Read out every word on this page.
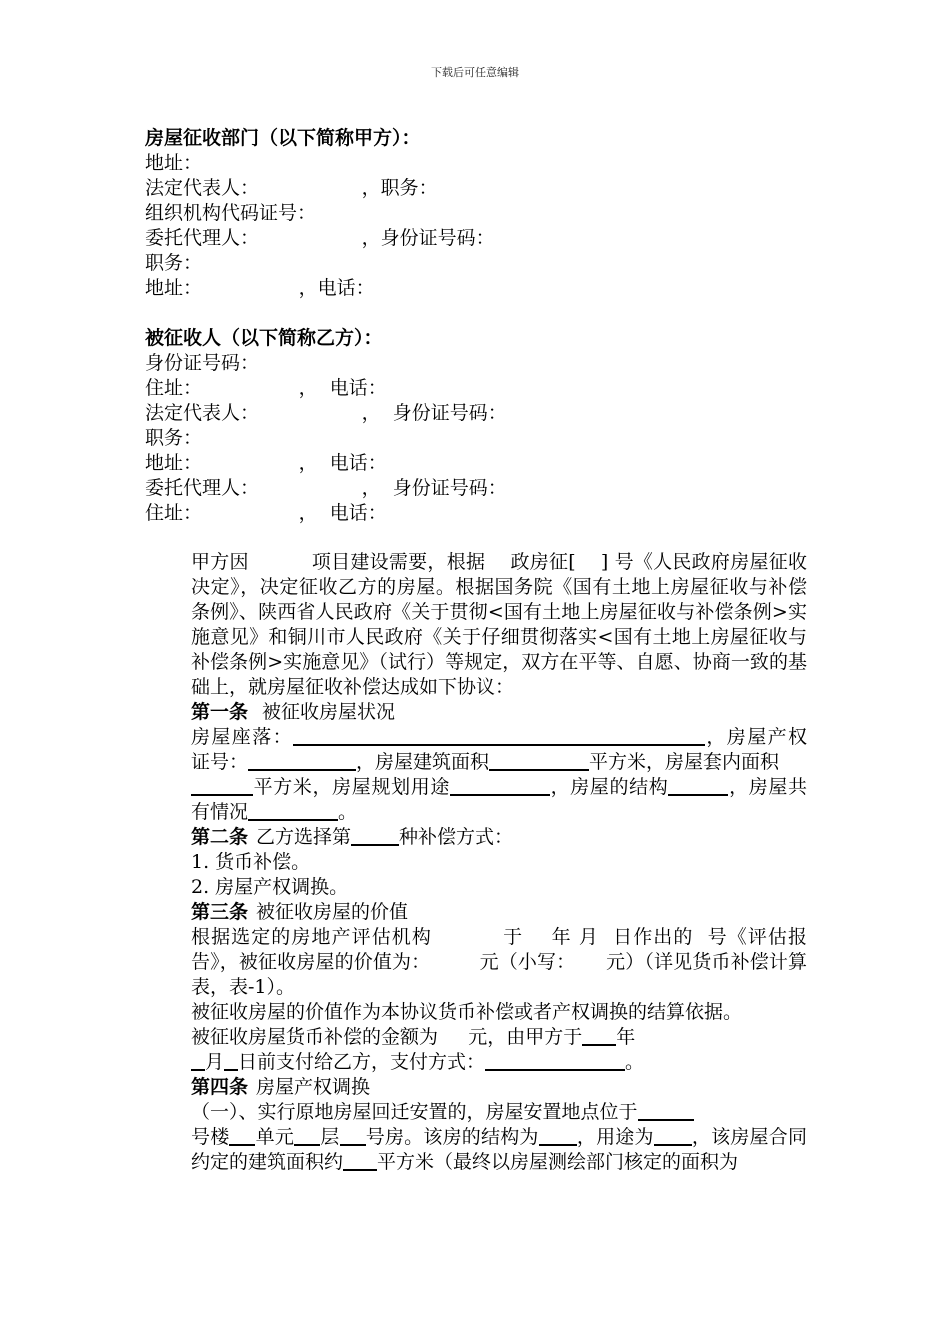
下载后可任意编辑
房屋征收部门（以下简称甲方）：
地址：
法定代表人：                 ，职务：
组织机构代码证号：
委托代理人：                 ，身份证号码：
职务：
地址：                ，电话：
被征收人（以下简称乙方）：
身份证号码：
住址：                ，  电话：
法定代表人：                 ，  身份证号码：
职务：
地址：                ，  电话：
委托代理人：                 ，  身份证号码：
住址：                ，  电话：
甲方因          项目建设需要，根据    政房征[    ] 号《人民政府房屋征收决定》，决定征收乙方的房屋。根据国务院《国有土地上房屋征收与补偿条例》、陕西省人民政府《关于贯彻<国有土地上房屋征收与补偿条例>实施意见》和铜川市人民政府《关于仔细贯彻落实<国有土地上房屋征收与补偿条例>实施意见》（试行）等规定，双方在平等、自愿、协商一致的基础上，就房屋征收补偿达成如下协议：
第一条 被征收房屋状况
房屋座落：	，房屋产权证号：	，房屋建筑面积	平方米，房屋套内面积
平方米，房屋规划用途	，房屋的结构	，房屋共有情况	。
第二条 乙方选择第	种补偿方式：
1. 货币补偿。
2. 房屋产权调换。
第三条 被征收房屋的价值
根据选定的房地产评估机构          于    年 月  日作出的  号《评估报告》，被征收房屋的价值为：        元（小写：     元）（详见货币补偿计算表，表-1）。
被征收房屋的价值作为本协议货币补偿或者产权调换的结算依据。
被征收房屋货币补偿的金额为     元，由甲方于 年
月 日前支付给乙方，支付方式：	。
第四条 房屋产权调换
（一）、实行原地房屋回迁安置的，房屋安置地点位于
号楼 单元 层 号房。该房的结构为 ，用途为 ，该房屋合同约定的建筑面积约 平方米（最终以房屋测绘部门核定的面积为
